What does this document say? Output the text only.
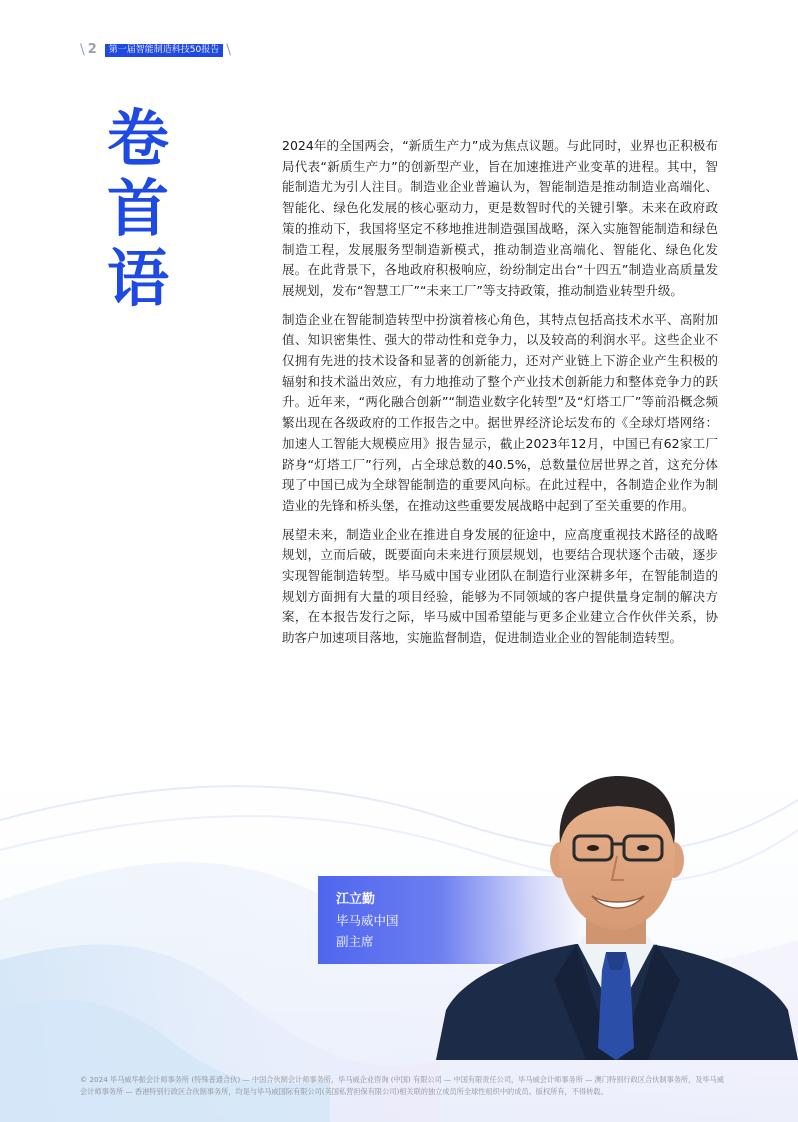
\ 2	第一届智能制造科技50报告 \
卷
首
语

2024年的全国两会，“新质生产力”成为焦点议题。与此同时，业界也正积极布局代表“新质生产力”的创新型产业，旨在加速推进产业变革的进程。其中，智能制造尤为引人注目。制造业企业普遍认为，智能制造是推动制造业高端化、智能化、绿色化发展的核心驱动力，更是数智时代的关键引擎。未来在政府政策的推动下，我国将坚定不移地推进制造强国战略，深入实施智能制造和绿色制造工程，发展服务型制造新模式，推动制造业高端化、智能化、绿色化发展。在此背景下，各地政府积极响应，纷纷制定出台“十四五”制造业高质量发展规划，发布“智慧工厂”“未来工厂”等支持政策，推动制造业转型升级。

制造企业在智能制造转型中扮演着核心角色，其特点包括高技术水平、高附加值、知识密集性、强大的带动性和竞争力，以及较高的利润水平。这些企业不仅拥有先进的技术设备和显著的创新能力，还对产业链上下游企业产生积极的辐射和技术溢出效应，有力地推动了整个产业技术创新能力和整体竞争力的跃升。近年来，“两化融合创新”“制造业数字化转型”及“灯塔工厂”等前沿概念频繁出现在各级政府的工作报告之中。据世界经济论坛发布的《全球灯塔网络：加速人工智能大规模应用》报告显示，截止2023年12月，中国已有62家工厂跻身“灯塔工厂”行列，占全球总数的40.5%，总数量位居世界之首，这充分体现了中国已成为全球智能制造的重要风向标。在此过程中，各制造企业作为制造业的先锋和桥头堡，在推动这些重要发展战略中起到了至关重要的作用。

展望未来，制造业企业在推进自身发展的征途中，应高度重视技术路径的战略规划，立而后破，既要面向未来进行顶层规划，也要结合现状逐个击破，逐步实现智能制造转型。毕马威中国专业团队在制造行业深耕多年，在智能制造的规划方面拥有大量的项目经验，能够为不同领域的客户提供量身定制的解决方案，在本报告发行之际，毕马威中国希望能与更多企业建立合作伙伴关系，协助客户加速项目落地，实施监督制造，促进制造业企业的智能制造转型。

江立勤
毕马威中国
副主席
© 2024 毕马威华振会计师事务所 (特殊普通合伙) — 中国合伙制会计师事务所，毕马威企业咨询 (中国) 有限公司 — 中国有限责任公司，毕马威会计师事务所 — 澳门特别行政区合伙制事务所，及毕马威会计师事务所 — 香港特别行政区合伙制事务所，均是与毕马威国际有限公司(英国私营担保有限公司)相关联的独立成员所全球性组织中的成员。版权所有，不得转载。
